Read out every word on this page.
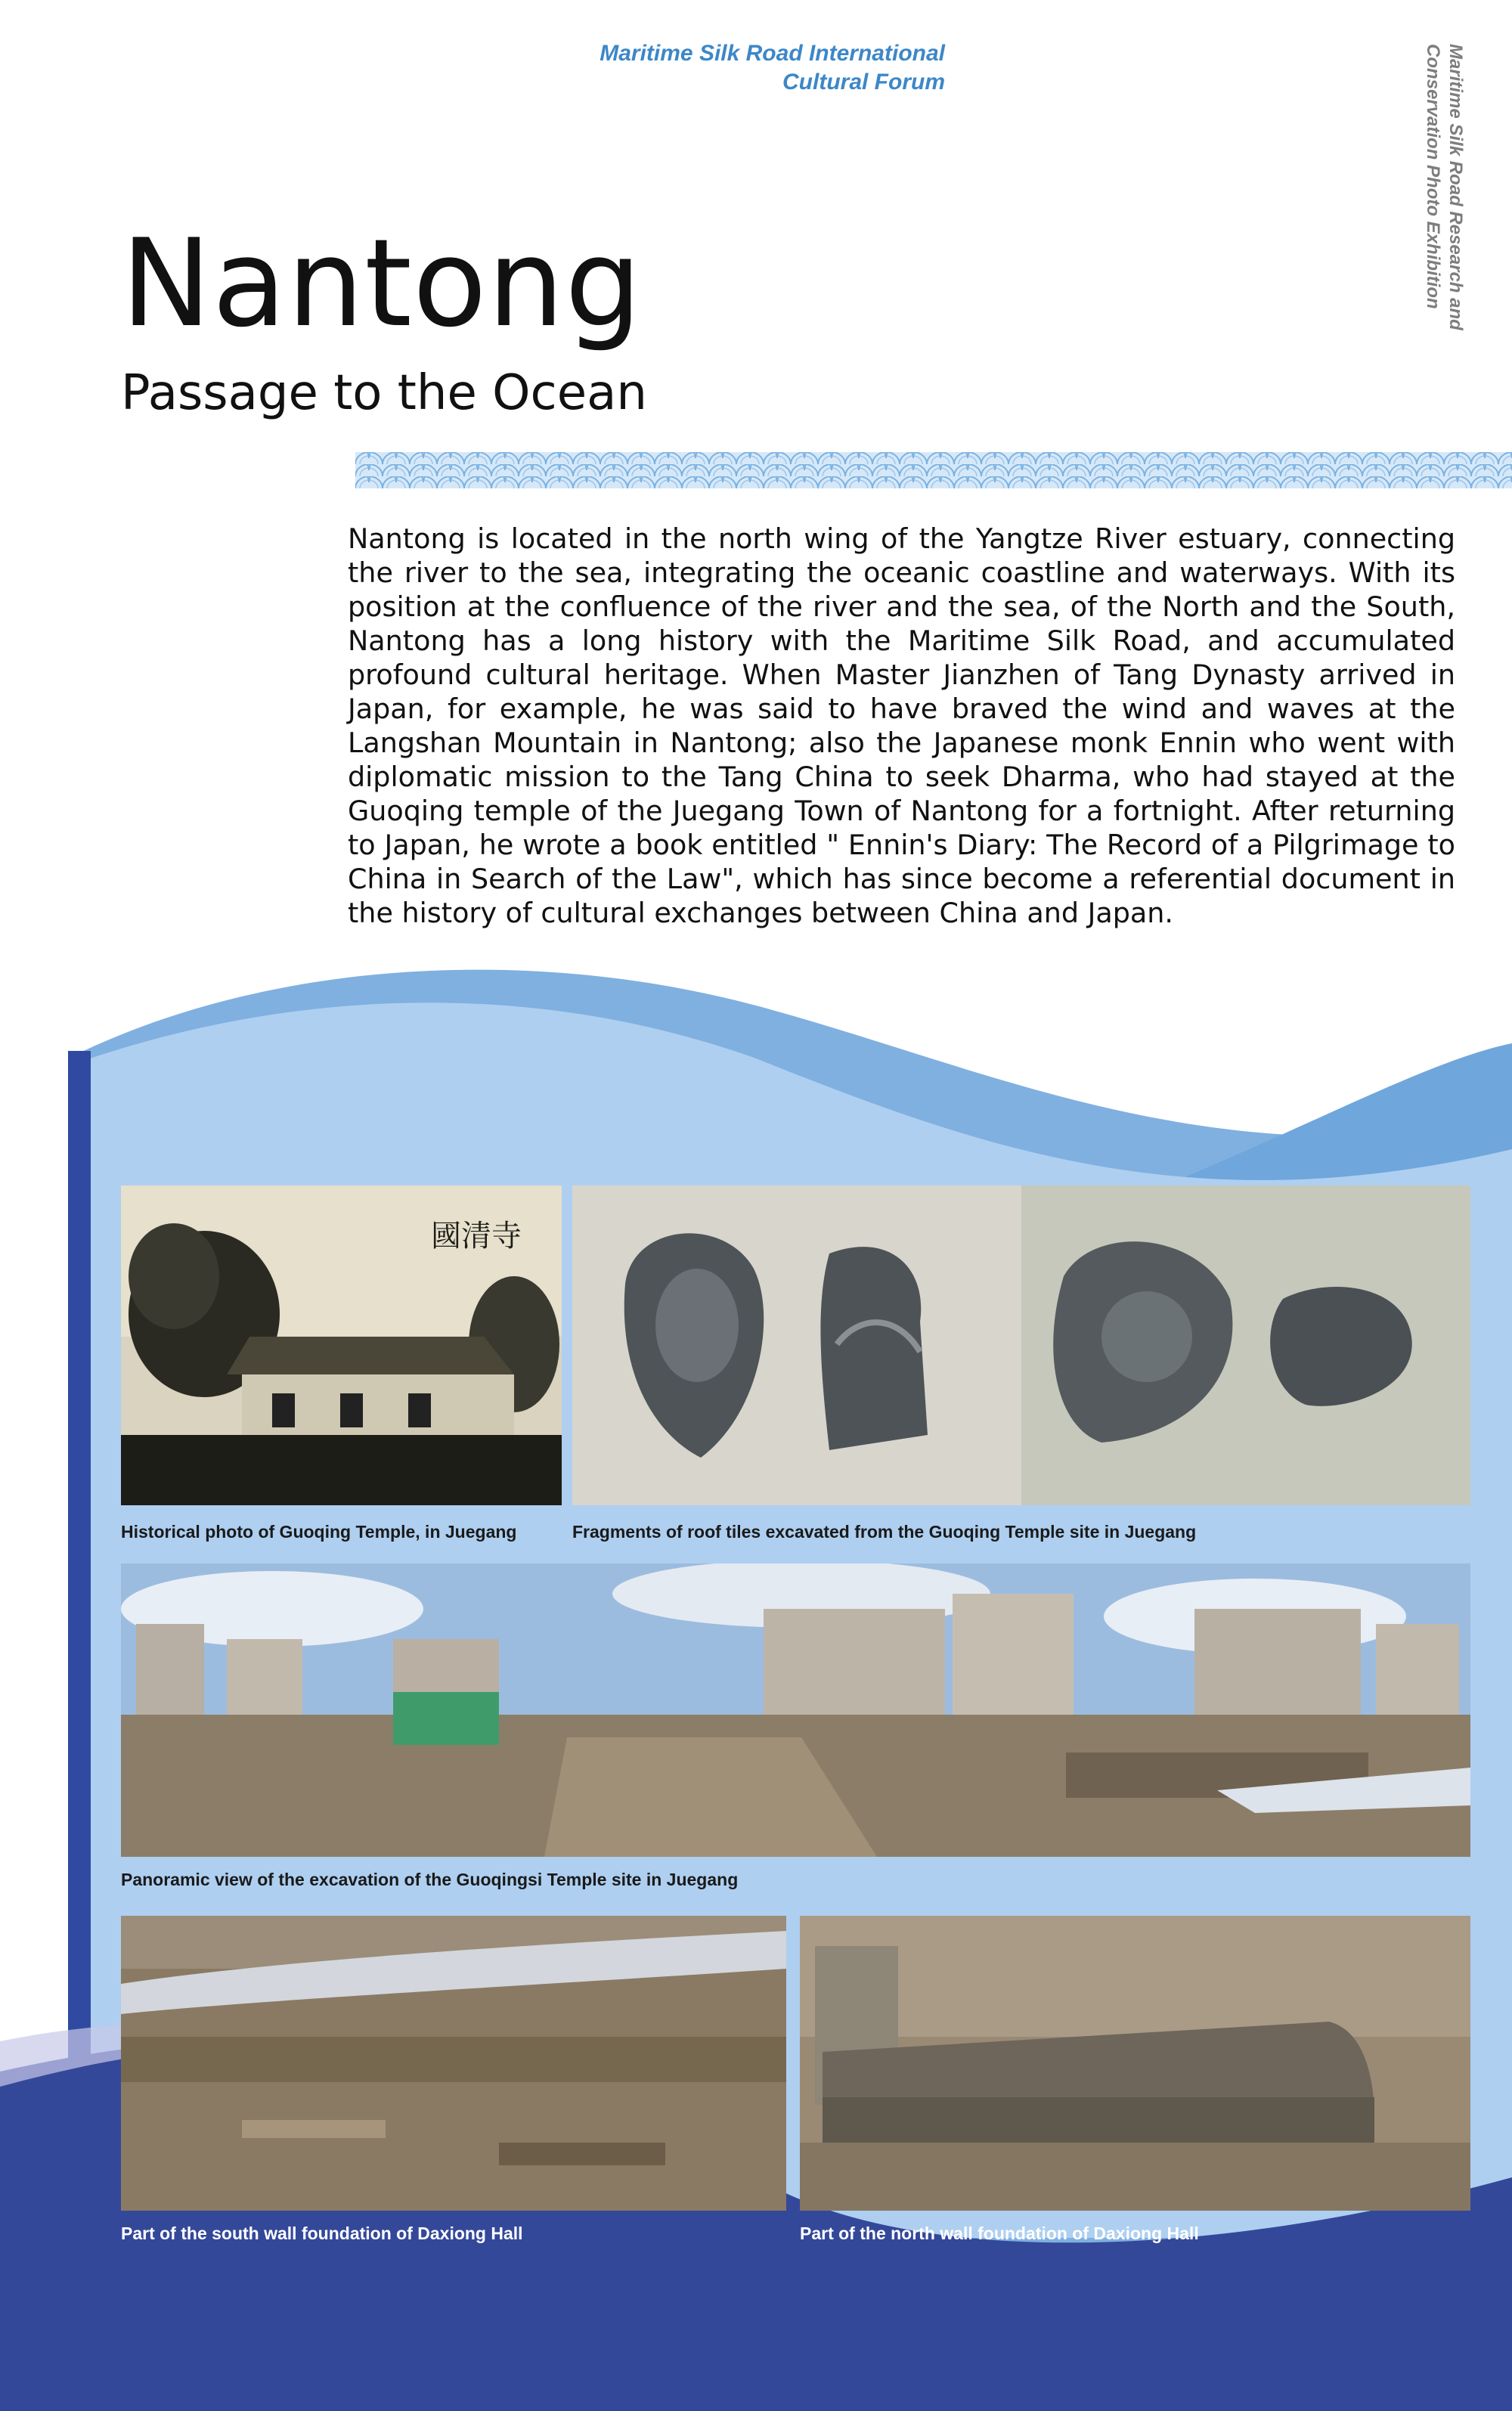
Maritime Silk Road International
Cultural Forum	Maritime Silk Road Research and
Conservation Photo Exhibition
Nantong
Passage to the Ocean

Nantong is located in the north wing of the Yangtze River estuary, connecting the river to the sea, integrating the oceanic coastline and waterways. With its position at the confluence of the river and the sea, of the North and the South, Nantong has a long history with the Maritime Silk Road, and accumulated profound cultural heritage. When Master Jianzhen of Tang Dynasty arrived in Japan, for example, he was said to have braved the wind and waves at the Langshan Mountain in Nantong; also the Japanese monk Ennin who went with diplomatic mission to the Tang China to seek Dharma, who had stayed at the Guoqing temple of the Juegang Town of Nantong for a fortnight. After returning to Japan, he wrote a book entitled " Ennin's Diary: The Record of a Pilgrimage to China in Search of the Law", which has since become a referential document in the history of cultural exchanges between China and Japan.

國清寺

Historical photo of Guoqing Temple, in Juegang	Fragments of roof tiles excavated from the Guoqing Temple site in Juegang

Panoramic view of the excavation of the Guoqingsi Temple site in Juegang

Part of the south wall foundation of Daxiong Hall	Part of the north wall foundation of Daxiong Hall
